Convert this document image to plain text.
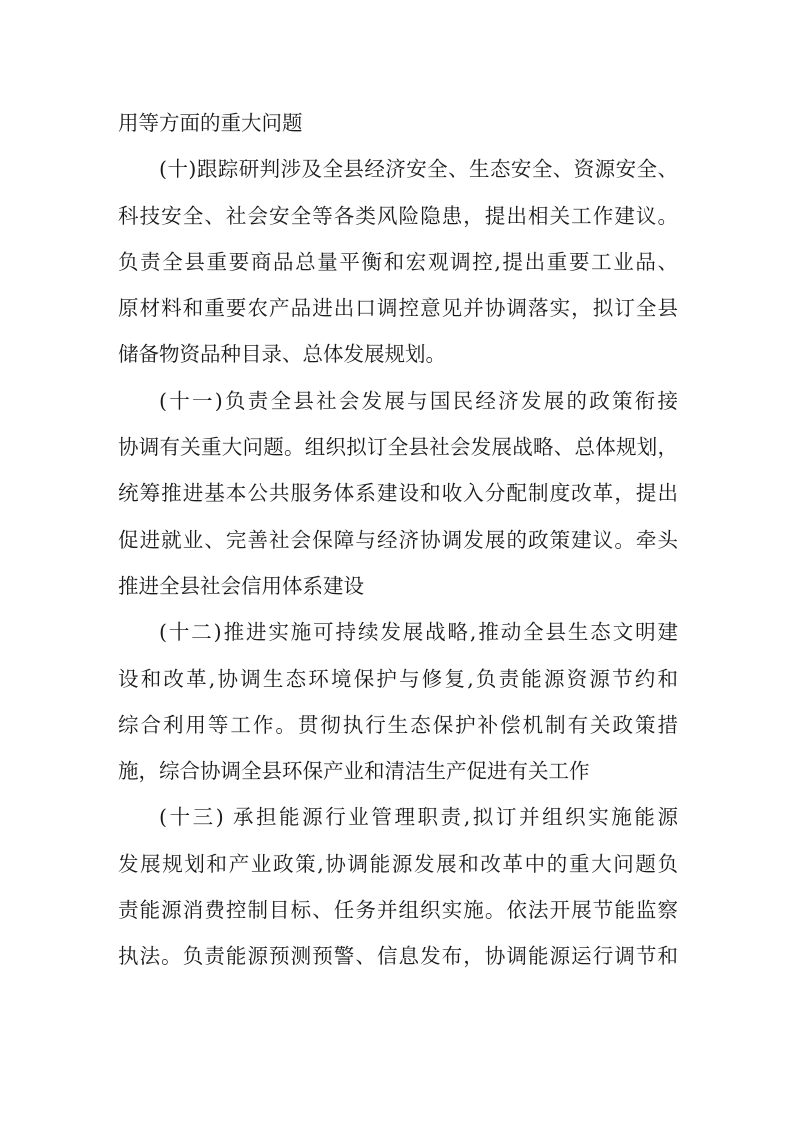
用等方面的重大问题
(十)跟踪研判涉及全县经济安全、生态安全、资源安全、
科技安全、社会安全等各类风险隐患，提出相关工作建议。
负责全县重要商品总量平衡和宏观调控,提出重要工业品、
原材料和重要农产品进出口调控意见并协调落实，拟订全县
储备物资品种目录、总体发展规划。
(十一)负责全县社会发展与国民经济发展的政策衔接
协调有关重大问题。组织拟订全县社会发展战略、总体规划，
统筹推进基本公共服务体系建设和收入分配制度改革，提出
促进就业、完善社会保障与经济协调发展的政策建议。牵头
推进全县社会信用体系建设
(十二)推进实施可持续发展战略,推动全县生态文明建
设和改革,协调生态环境保护与修复,负责能源资源节约和
综合利用等工作。贯彻执行生态保护补偿机制有关政策措
施，综合协调全县环保产业和清洁生产促进有关工作
(十三) 承担能源行业管理职责,拟订并组织实施能源
发展规划和产业政策,协调能源发展和改革中的重大问题负
责能源消费控制目标、任务并组织实施。依法开展节能监察
执法。负责能源预测预警、信息发布，协调能源运行调节和
